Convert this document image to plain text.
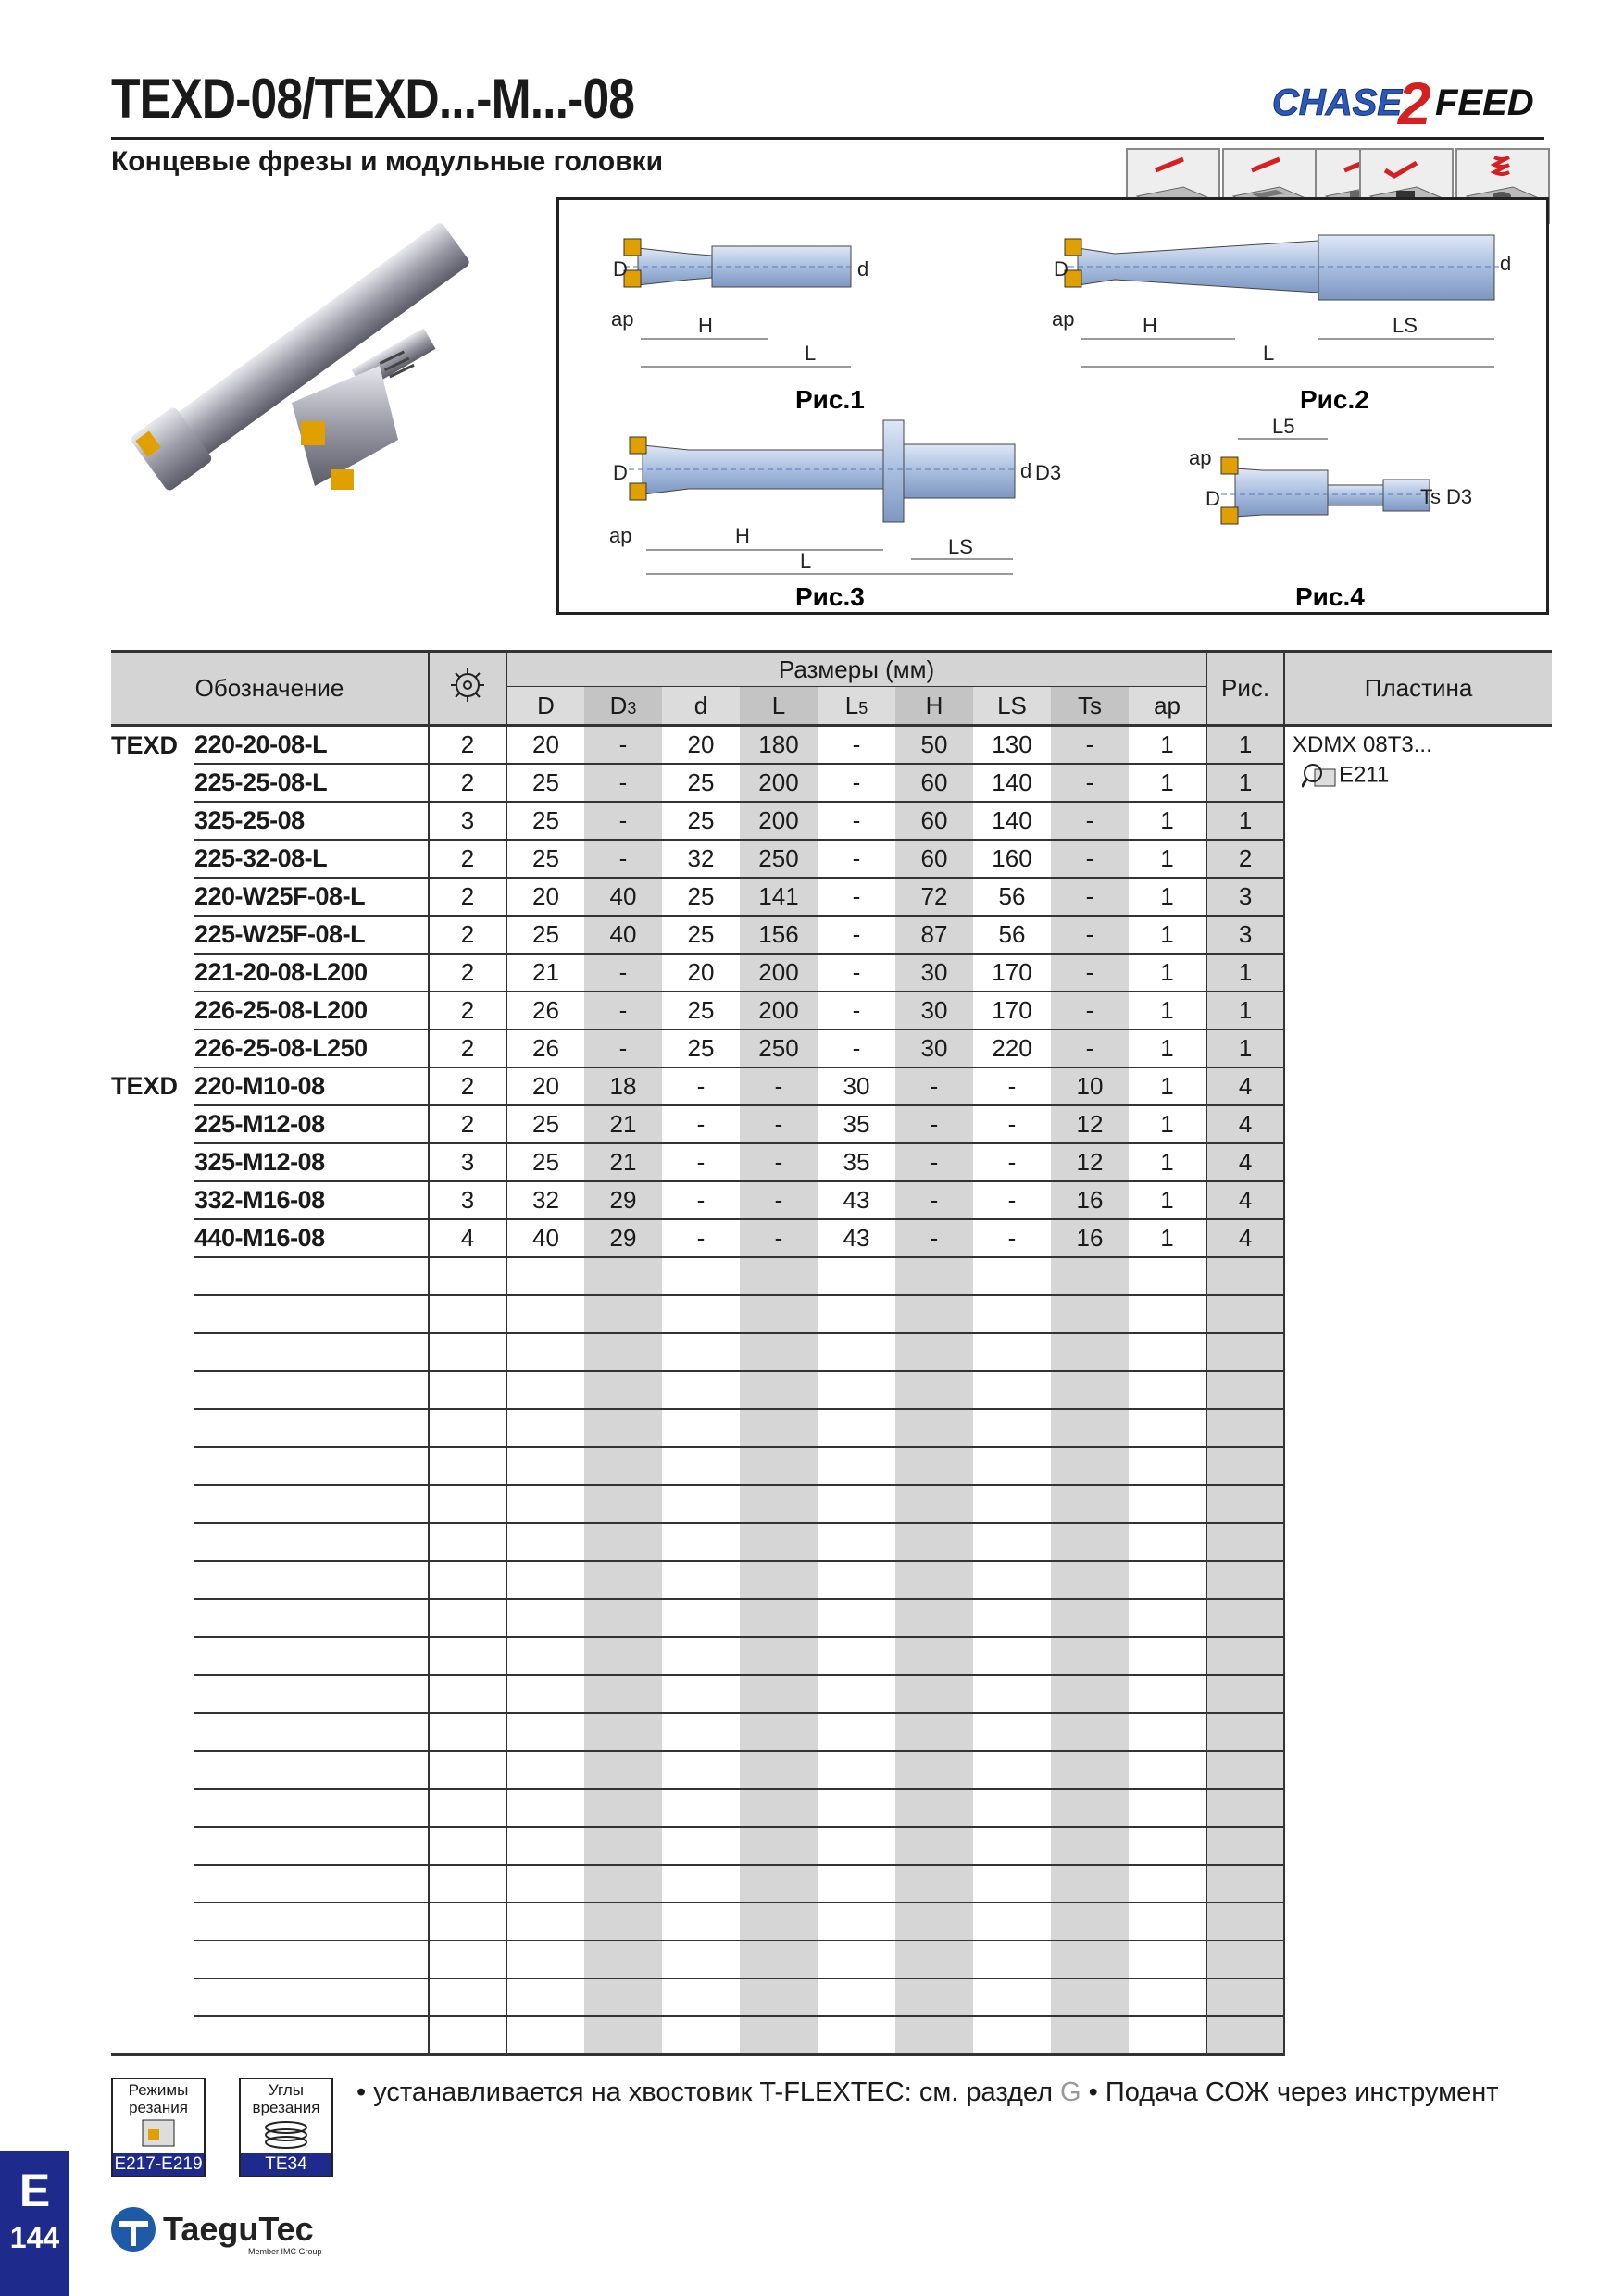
TEXD-08/TEXD...-M...-08
Концевые фрезы и модульные головки
CHASE
2 FEED
D	d
ap	H
L
D	d
ap	H	LS
L
Рис.1	Рис.2
D	d D3
ap	H	LS
L
Рис.3
D
ap
L5
Ts D3
Рис.4
Обозначение			Размеры (мм)									Рис.	Пластина
			D	D3	d	L	L5	H	LS	Ts	ap		
TEXD	220-20-08-L	2	20	-	20	180	-	50	130	-	1	1	XDMX 08T3...
E211

	225-25-08-L	2	25	-	25	200	-	60	140	-	1	1	
	325-25-08	3	25	-	25	200	-	60	140	-	1	1	
	225-32-08-L	2	25	-	32	250	-	60	160	-	1	2	
	220-W25F-08-L	2	20	40	25	141	-	72	56	-	1	3	
	225-W25F-08-L	2	25	40	25	156	-	87	56	-	1	3	
	221-20-08-L200	2	21	-	20	200	-	30	170	-	1	1	
	226-25-08-L200	2	26	-	25	200	-	30	170	-	1	1	
	226-25-08-L250	2	26	-	25	250	-	30	220	-	1	1	
TEXD	220-M10-08	2	20	18	-	-	30	-	-	10	1	4	
	225-M12-08	2	25	21	-	-	35	-	-	12	1	4	
	325-M12-08	3	25	21	-	-	35	-	-	12	1	4	
	332-M16-08	3	32	29	-	-	43	-	-	16	1	4	
	440-M16-08	4	40	29	-	-	43	-	-	16	1	4	

Режимы резания
E217-E219
Углы врезания
TE34
• устанавливается на хвостовик T-FLEXTEC: см. раздел G • Подача СОЖ через инструмент
E
144	TaeguTec
Member IMC Group
